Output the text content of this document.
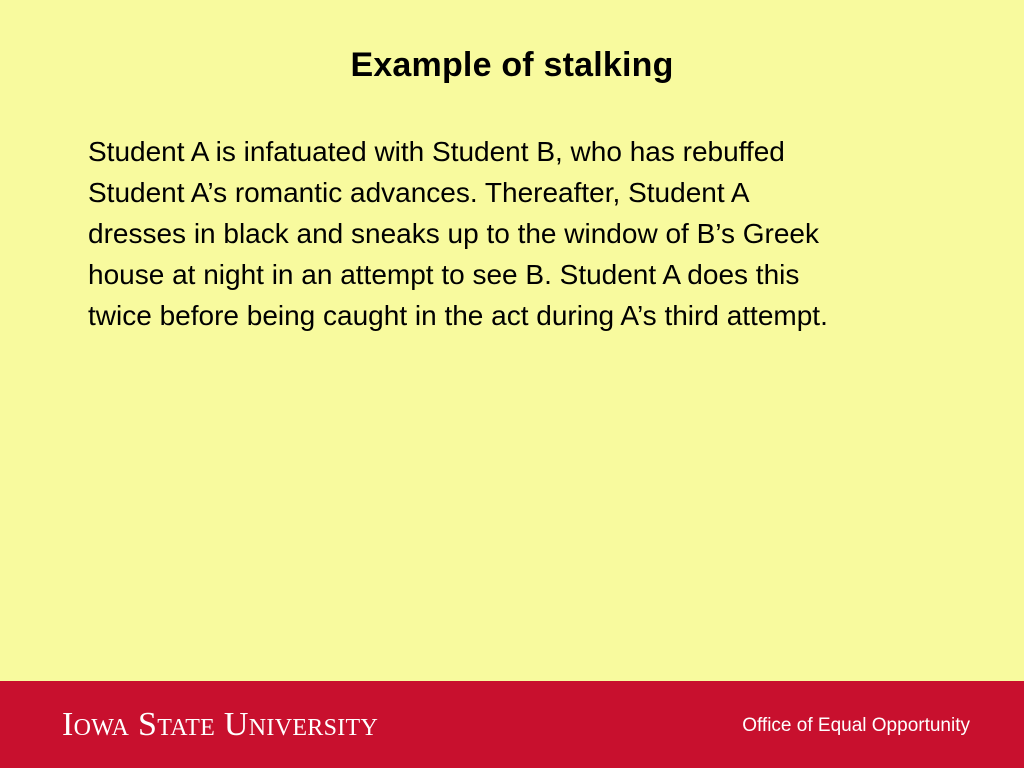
Example of stalking
Student A is infatuated with Student B, who has rebuffed
Student A’s romantic advances. Thereafter, Student A
dresses in black and sneaks up to the window of B’s Greek
house at night in an attempt to see B. Student A does this
twice before being caught in the act during A’s third attempt.
Iowa State University	Office of Equal Opportunity
